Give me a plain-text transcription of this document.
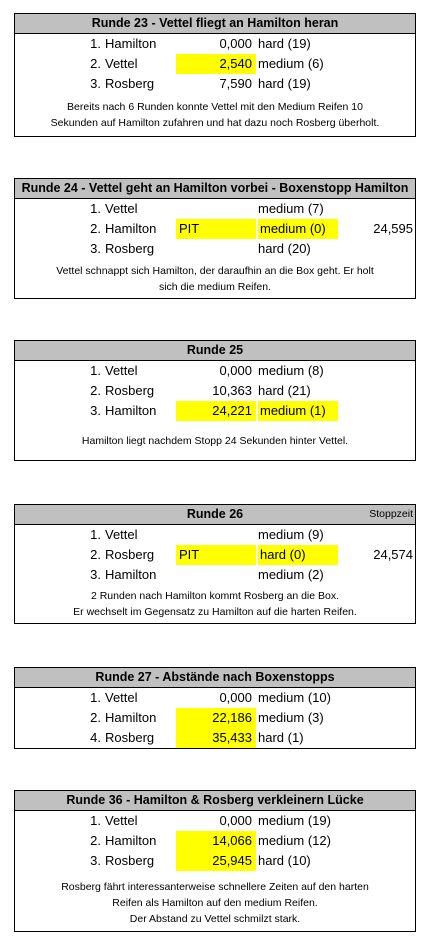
Runde 23 - Vettel fliegt an Hamilton heran
1. Hamilton	0,000 hard (19)
2. Vettel	2,540 medium (6)
3. Rosberg	7,590 hard (19)
Bereits nach 6 Runden konnte Vettel mit den Medium Reifen 10
Sekunden auf Hamilton zufahren und hat dazu noch Rosberg überholt.
Runde 24 - Vettel geht an Hamilton vorbei - Boxenstopp Hamilton
1. Vettel	medium (7)
2. Hamilton PIT	medium (0)	24,595
3. Rosberg	hard (20)
Vettel schnappt sich Hamilton, der daraufhin an die Box geht. Er holt
sich die medium Reifen.
Runde 25
1. Vettel	0,000 medium (8)
2. Rosberg	10,363 hard (21)
3. Hamilton	24,221 medium (1)
Hamilton liegt nachdem Stopp 24 Sekunden hinter Vettel.
Runde 26	Stoppzeit
1. Vettel	medium (9)
2. Rosberg PIT	hard (0)	24,574
3. Hamilton	medium (2)
2 Runden nach Hamilton kommt Rosberg an die Box.
Er wechselt im Gegensatz zu Hamilton auf die harten Reifen.
Runde 27 - Abstände nach Boxenstopps
1. Vettel	0,000 medium (10)
2. Hamilton	22,186 medium (3)
4. Rosberg	35,433 hard (1)
Runde 36 - Hamilton & Rosberg verkleinern Lücke
1. Vettel	0,000 medium (19)
2. Hamilton	14,066 medium (12)
3. Rosberg	25,945 hard (10)
Rosberg fährt interessanterweise schnellere Zeiten auf den harten
Reifen als Hamilton auf den medium Reifen.
Der Abstand zu Vettel schmilzt stark.
